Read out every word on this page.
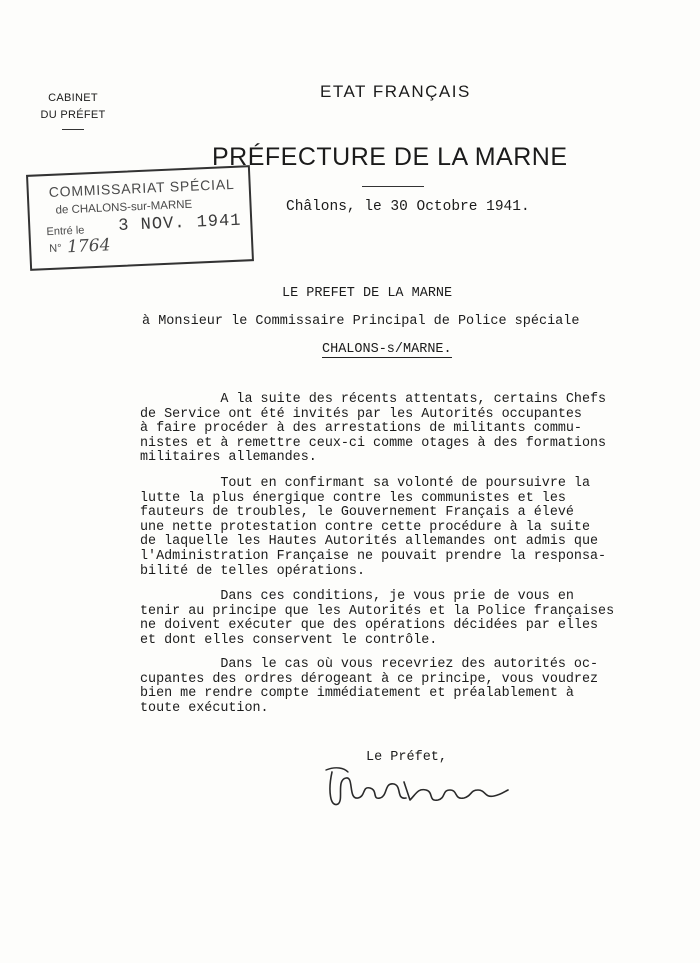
CABINET
DU PRÉFET
ETAT FRANÇAIS
PRÉFECTURE DE LA MARNE
COMMISSARIAT SPÉCIAL
de CHALONS-sur-MARNE
Entré le 3 NOV. 1941
N° 1764
Châlons, le 30 Octobre 1941.
LE PREFET DE LA MARNE
à Monsieur le Commissaire Principal de Police spéciale
CHALONS-s/MARNE.
A la suite des récents attentats, certains Chefs
de Service ont été invités par les Autorités occupantes
à faire procéder à des arrestations de militants commu-
nistes et à remettre ceux-ci comme otages à des formations
militaires allemandes.
Tout en confirmant sa volonté de poursuivre la
lutte la plus énergique contre les communistes et les
fauteurs de troubles, le Gouvernement Français a élevé
une nette protestation contre cette procédure à la suite
de laquelle les Hautes Autorités allemandes ont admis que
l'Administration Française ne pouvait prendre la responsa-
bilité de telles opérations.
Dans ces conditions, je vous prie de vous en
tenir au principe que les Autorités et la Police françaises
ne doivent exécuter que des opérations décidées par elles
et dont elles conservent le contrôle.
Dans le cas où vous recevriez des autorités oc-
cupantes des ordres dérogeant à ce principe, vous voudrez
bien me rendre compte immédiatement et préalablement à
toute exécution.
Le Préfet,
